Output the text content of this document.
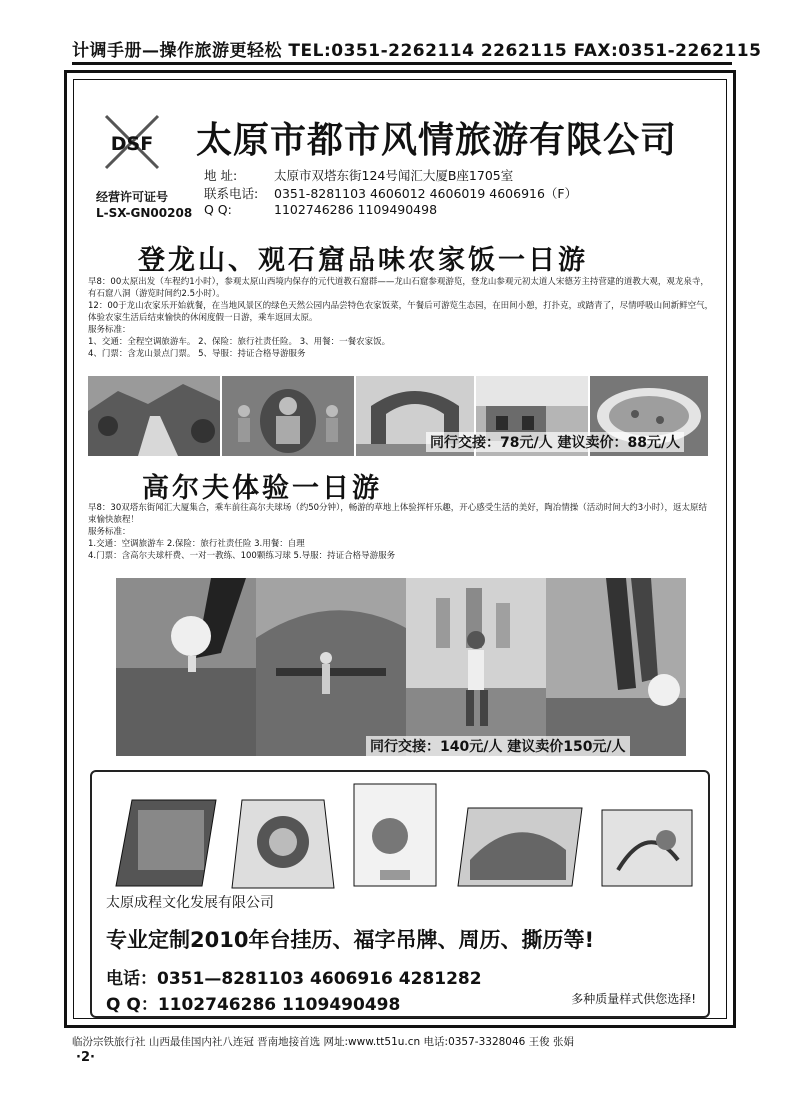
计调手册—操作旅游更轻松 TEL:0351-2262114 2262115 FAX:0351-2262115
DSF 太原市都市风情旅游有限公司
经营许可证号
L-SX-GN00208
地 址:	太原市双塔东街124号闻汇大厦B座1705室
联系电话: 0351-8281103 4606012 4606019 4606916（F）
Q Q:	1102746286 1109490498
登龙山、观石窟品味农家饭一日游

早8：00太原出发（车程约1小时），参观太原山西境内保存的元代道教石窟群——龙山石窟参观游览，登龙山参观元初太道人宋德芳主持营建的道教大观，观龙泉寺，有石窟八洞（游览时间约2.5小时）。

12：00于龙山农家乐开始就餐，在当地风景区的绿色天然公园内品尝特色农家饭菜，午餐后可游览生态园，在田间小憩，打扑克，或踏青了，尽情呼吸山间新鲜空气，体验农家生活后结束愉快的休闲度假一日游，乘车返回太原。

服务标准：

1、交通：全程空调旅游车。 2、保险：旅行社责任险。 3、用餐：一餐农家饭。

4、门票：含龙山景点门票。 5、导服：持证合格导游服务

同行交接：78元/人 建议卖价：88元/人
高尔夫体验一日游

早8：30双塔东街闻汇大厦集合，乘车前往高尔夫球场（约50分钟），畅游的草地上体验挥杆乐趣，开心感受生活的美好，陶冶情操（活动时间大约3小时），返太原结束愉快旅程！

服务标准：

1.交通：空调旅游车 2.保险：旅行社责任险 3.用餐：自理

4.门票：含高尔夫球杆费、一对一教练、100颗练习球 5.导服：持证合格导游服务

同行交接：140元/人 建议卖价150元/人
太原成程文化发展有限公司
专业定制2010年台挂历、福字吊牌、周历、撕历等!
电话：0351—8281103 4606916 4281282
Q Q：1102746286 1109490498	多种质量样式供您选择!
临汾宗铁旅行社 山西最佳国内社八连冠 晋南地接首选 网址:www.tt51u.cn 电话:0357-3328046 王俊 张娟
·2·
